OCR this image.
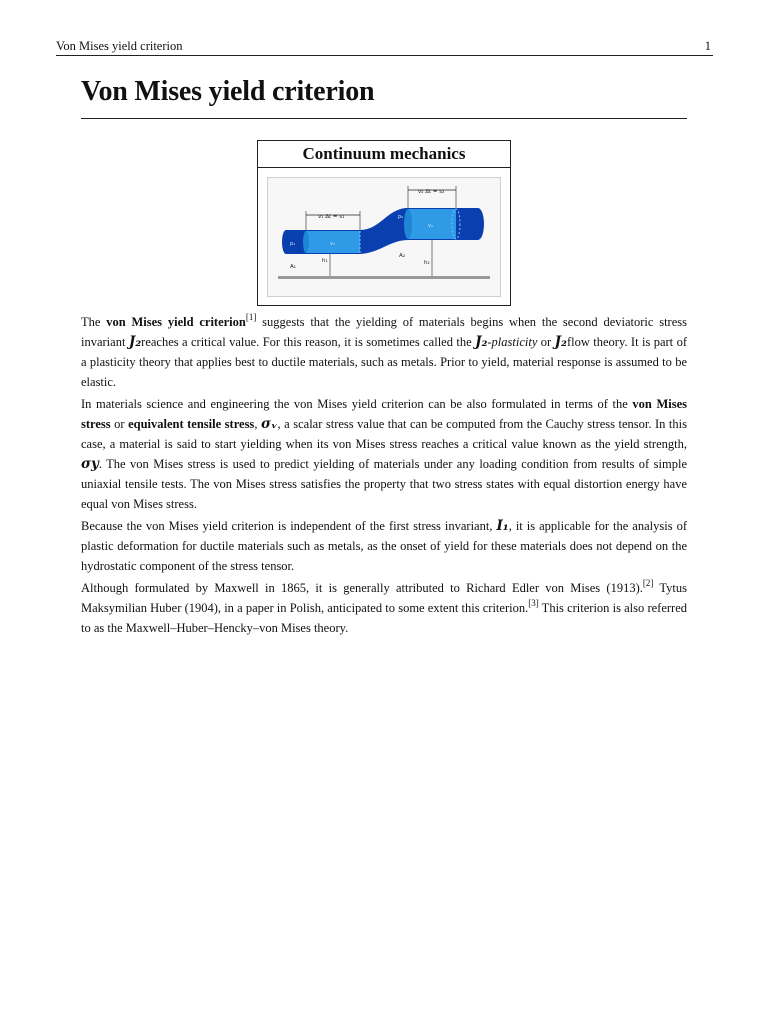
Von Mises yield criterion	1
Von Mises yield criterion
Continuum mechanics
v₂ Δt = s₂
v₁ Δt = s₁
p₁	v₁
p₂
v₂
h₁	h₂
A₁
A₂

The von Mises yield criterion[1] suggests that the yielding of materials begins when the second deviatoric stress invariant J₂reaches a critical value. For this reason, it is sometimes called the J₂-plasticity or J₂flow theory. It is part of a plasticity theory that applies best to ductile materials, such as metals. Prior to yield, material response is assumed to be elastic.

In materials science and engineering the von Mises yield criterion can be also formulated in terms of the von Mises stress or equivalent tensile stress, σᵥ, a scalar stress value that can be computed from the Cauchy stress tensor. In this case, a material is said to start yielding when its von Mises stress reaches a critical value known as the yield strength, σy. The von Mises stress is used to predict yielding of materials under any loading condition from results of simple uniaxial tensile tests. The von Mises stress satisfies the property that two stress states with equal distortion energy have equal von Mises stress.

Because the von Mises yield criterion is independent of the first stress invariant, I₁, it is applicable for the analysis of plastic deformation for ductile materials such as metals, as the onset of yield for these materials does not depend on the hydrostatic component of the stress tensor.

Although formulated by Maxwell in 1865, it is generally attributed to Richard Edler von Mises (1913).[2] Tytus Maksymilian Huber (1904), in a paper in Polish, anticipated to some extent this criterion.[3] This criterion is also referred to as the Maxwell–Huber–Hencky–von Mises theory.
